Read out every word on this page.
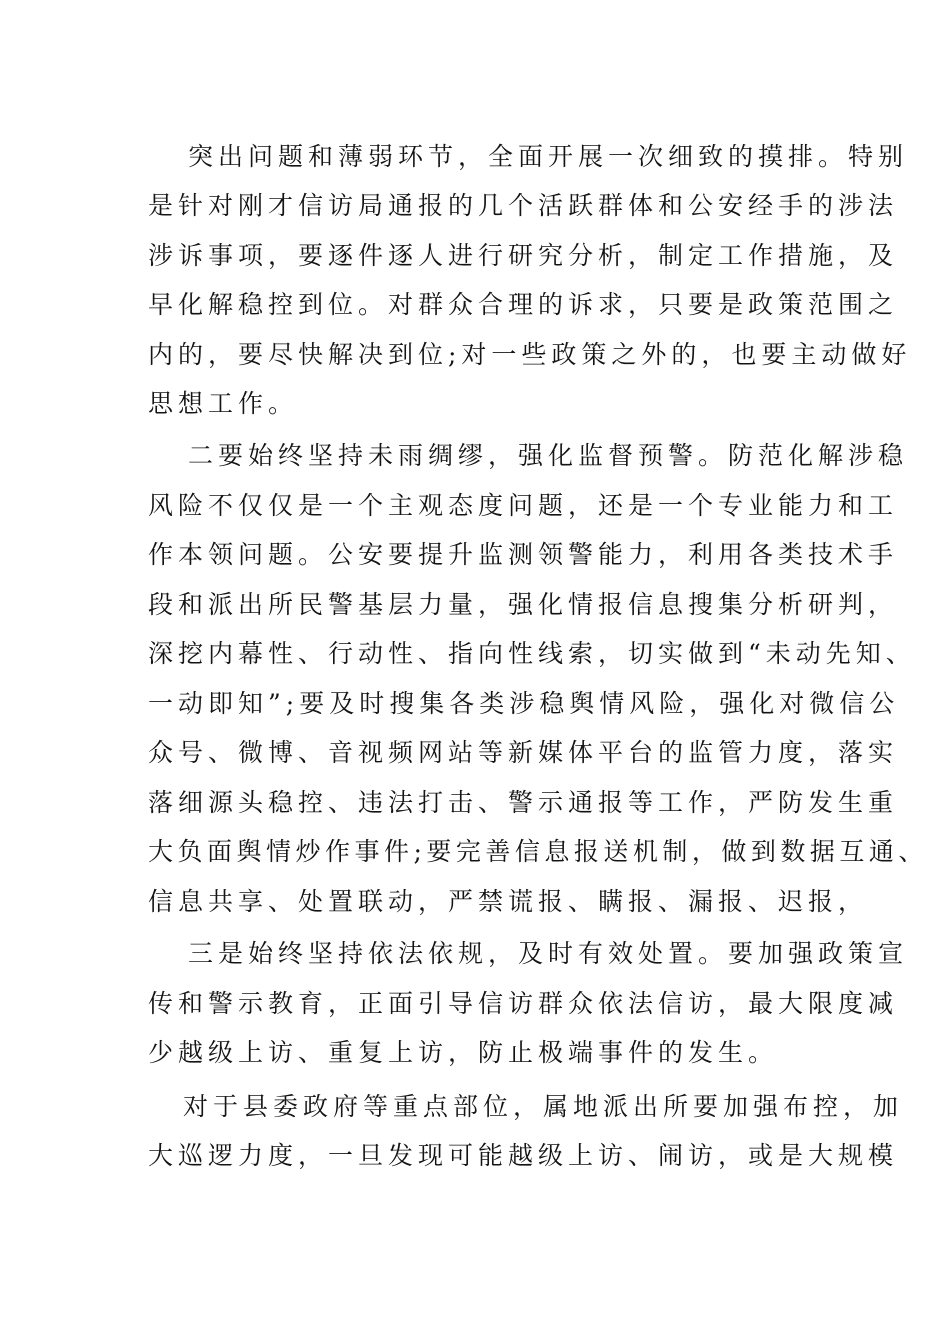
突出问题和薄弱环节，全面开展一次细致的摸排。特别
是针对刚才信访局通报的几个活跃群体和公安经手的涉法
涉诉事项，要逐件逐人进行研究分析，制定工作措施，及
早化解稳控到位。对群众合理的诉求，只要是政策范围之
内的，要尽快解决到位;对一些政策之外的，也要主动做好
思想工作。
二要始终坚持未雨绸缪，强化监督预警。防范化解涉稳
风险不仅仅是一个主观态度问题，还是一个专业能力和工
作本领问题。公安要提升监测领警能力，利用各类技术手
段和派出所民警基层力量，强化情报信息搜集分析研判，
深挖内幕性、行动性、指向性线索，切实做到“未动先知、
一动即知”;要及时搜集各类涉稳舆情风险，强化对微信公
众号、微博、音视频网站等新媒体平台的监管力度，落实
落细源头稳控、违法打击、警示通报等工作，严防发生重
大负面舆情炒作事件;要完善信息报送机制，做到数据互通、
信息共享、处置联动，严禁谎报、瞒报、漏报、迟报，
三是始终坚持依法依规，及时有效处置。要加强政策宣
传和警示教育，正面引导信访群众依法信访，最大限度减
少越级上访、重复上访，防止极端事件的发生。
对于县委政府等重点部位，属地派出所要加强布控，加
大巡逻力度，一旦发现可能越级上访、闹访，或是大规模
